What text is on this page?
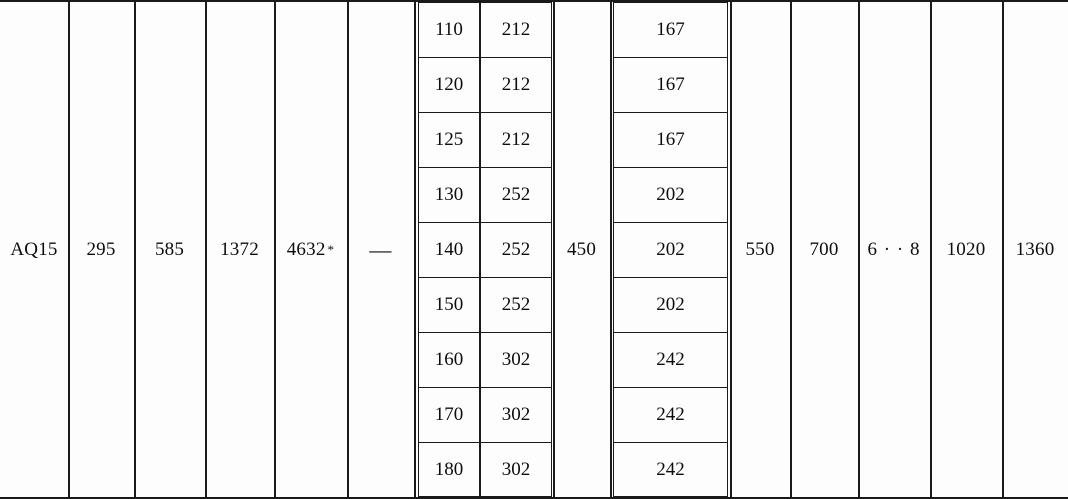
AQ15 295 585 1372 4632 * —
110
120
125
130
140
150
160
170
180
212
212
212
252
252
252
302
302
302
450
167
167
167
202
202
202
242
242
242
550 700 6 · · 8 1020 1360
